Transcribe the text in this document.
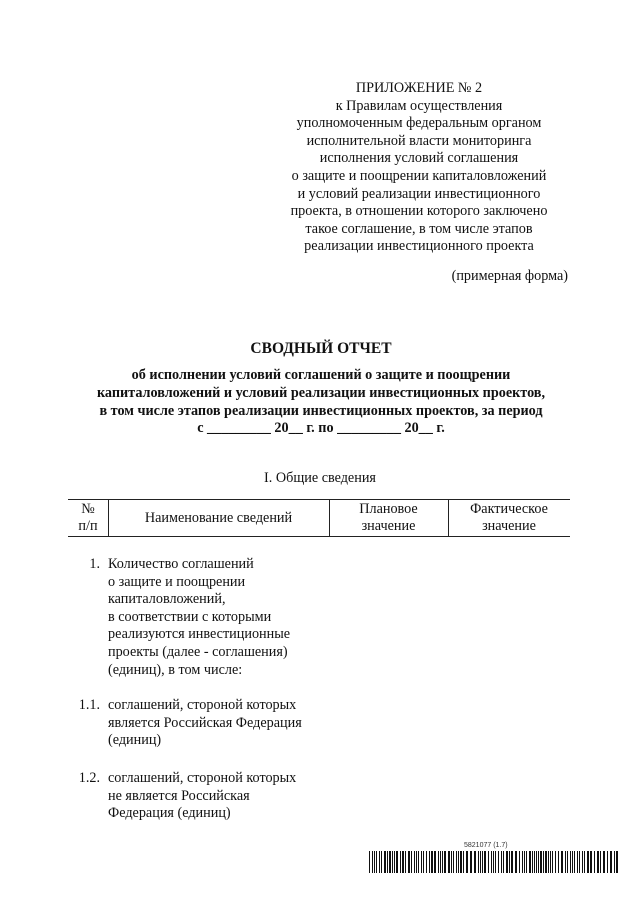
ПРИЛОЖЕНИЕ № 2
к Правилам осуществления
уполномоченным федеральным органом
исполнительной власти мониторинга
исполнения условий соглашения
о защите и поощрении капиталовложений
и условий реализации инвестиционного
проекта, в отношении которого заключено
такое соглашение, в том числе этапов
реализации инвестиционного проекта
(примерная форма)
СВОДНЫЙ ОТЧЕТ
об исполнении условий соглашений о защите и поощрении
капиталовложений и условий реализации инвестиционных проектов,
в том числе этапов реализации инвестиционных проектов, за период
с _________ 20__ г. по _________ 20__ г.
I. Общие сведения
№
п/п	Наименование сведений
Плановое
значение
Фактическое
значение
1. Количество соглашений
о защите и поощрении
капиталовложений,
в соответствии с которыми
реализуются инвестиционные
проекты (далее - соглашения)
(единиц), в том числе:
1.1. соглашений, стороной которых
является Российская Федерация
(единиц)
1.2. соглашений, стороной которых
не является Российская
Федерация (единиц)
5821077 (1.7)
